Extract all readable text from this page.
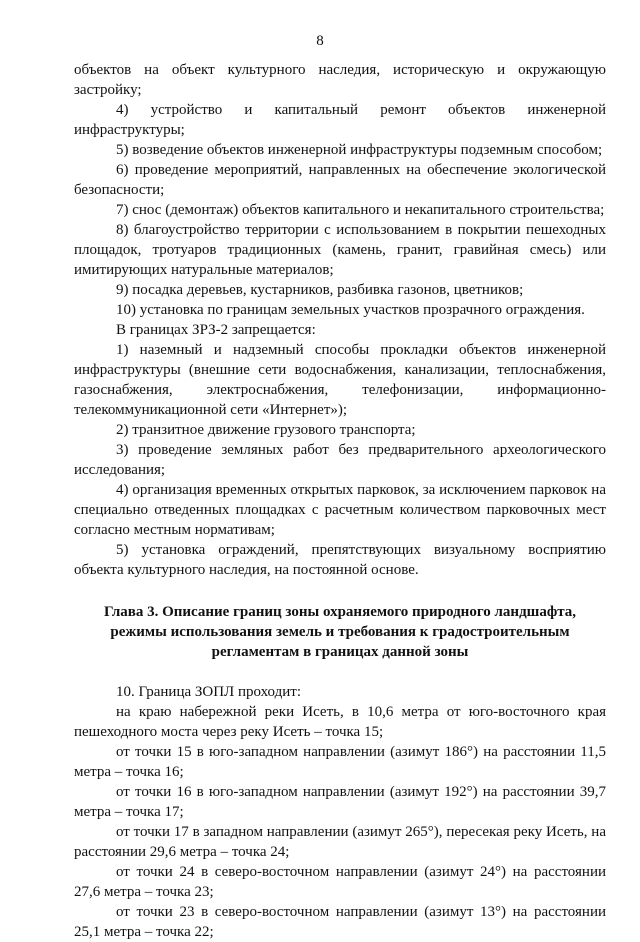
8

объектов на объект культурного наследия, историческую и окружающую застройку;

4) устройство и капитальный ремонт объектов инженерной инфраструктуры;

5) возведение объектов инженерной инфраструктуры подземным способом;

6) проведение мероприятий, направленных на обеспечение экологической безопасности;

7) снос (демонтаж) объектов капитального и некапитального строительства;

8) благоустройство территории с использованием в покрытии пешеходных площадок, тротуаров традиционных (камень, гранит, гравийная смесь) или имитирующих натуральные материалов;

9) посадка деревьев, кустарников, разбивка газонов, цветников;

10) установка по границам земельных участков прозрачного ограждения.

В границах ЗРЗ-2 запрещается:

1) наземный и надземный способы прокладки объектов инженерной инфраструктуры (внешние сети водоснабжения, канализации, теплоснабжения, газоснабжения, электроснабжения, телефонизации, информационно-телекоммуникационной сети «Интернет»);

2) транзитное движение грузового транспорта;

3) проведение земляных работ без предварительного археологического исследования;

4) организация временных открытых парковок, за исключением парковок на специально отведенных площадках с расчетным количеством парковочных мест согласно местным нормативам;

5) установка ограждений, препятствующих визуальному восприятию объекта культурного наследия, на постоянной основе.

Глава 3. Описание границ зоны охраняемого природного ландшафта, режимы использования земель и требования к градостроительным регламентам в границах данной зоны

10. Граница ЗОПЛ проходит:

на краю набережной реки Исеть, в 10,6 метра от юго-восточного края пешеходного моста через реку Исеть – точка 15;

от точки 15 в юго-западном направлении (азимут 186°) на расстоянии 11,5 метра – точка 16;

от точки 16 в юго-западном направлении (азимут 192°) на расстоянии 39,7 метра – точка 17;

от точки 17 в западном направлении (азимут 265°), пересекая реку Исеть, на расстоянии 29,6 метра – точка 24;

от точки 24 в северо-восточном направлении (азимут 24°) на расстоянии 27,6 метра – точка 23;

от точки 23 в северо-восточном направлении (азимут 13°) на расстоянии 25,1 метра – точка 22;
